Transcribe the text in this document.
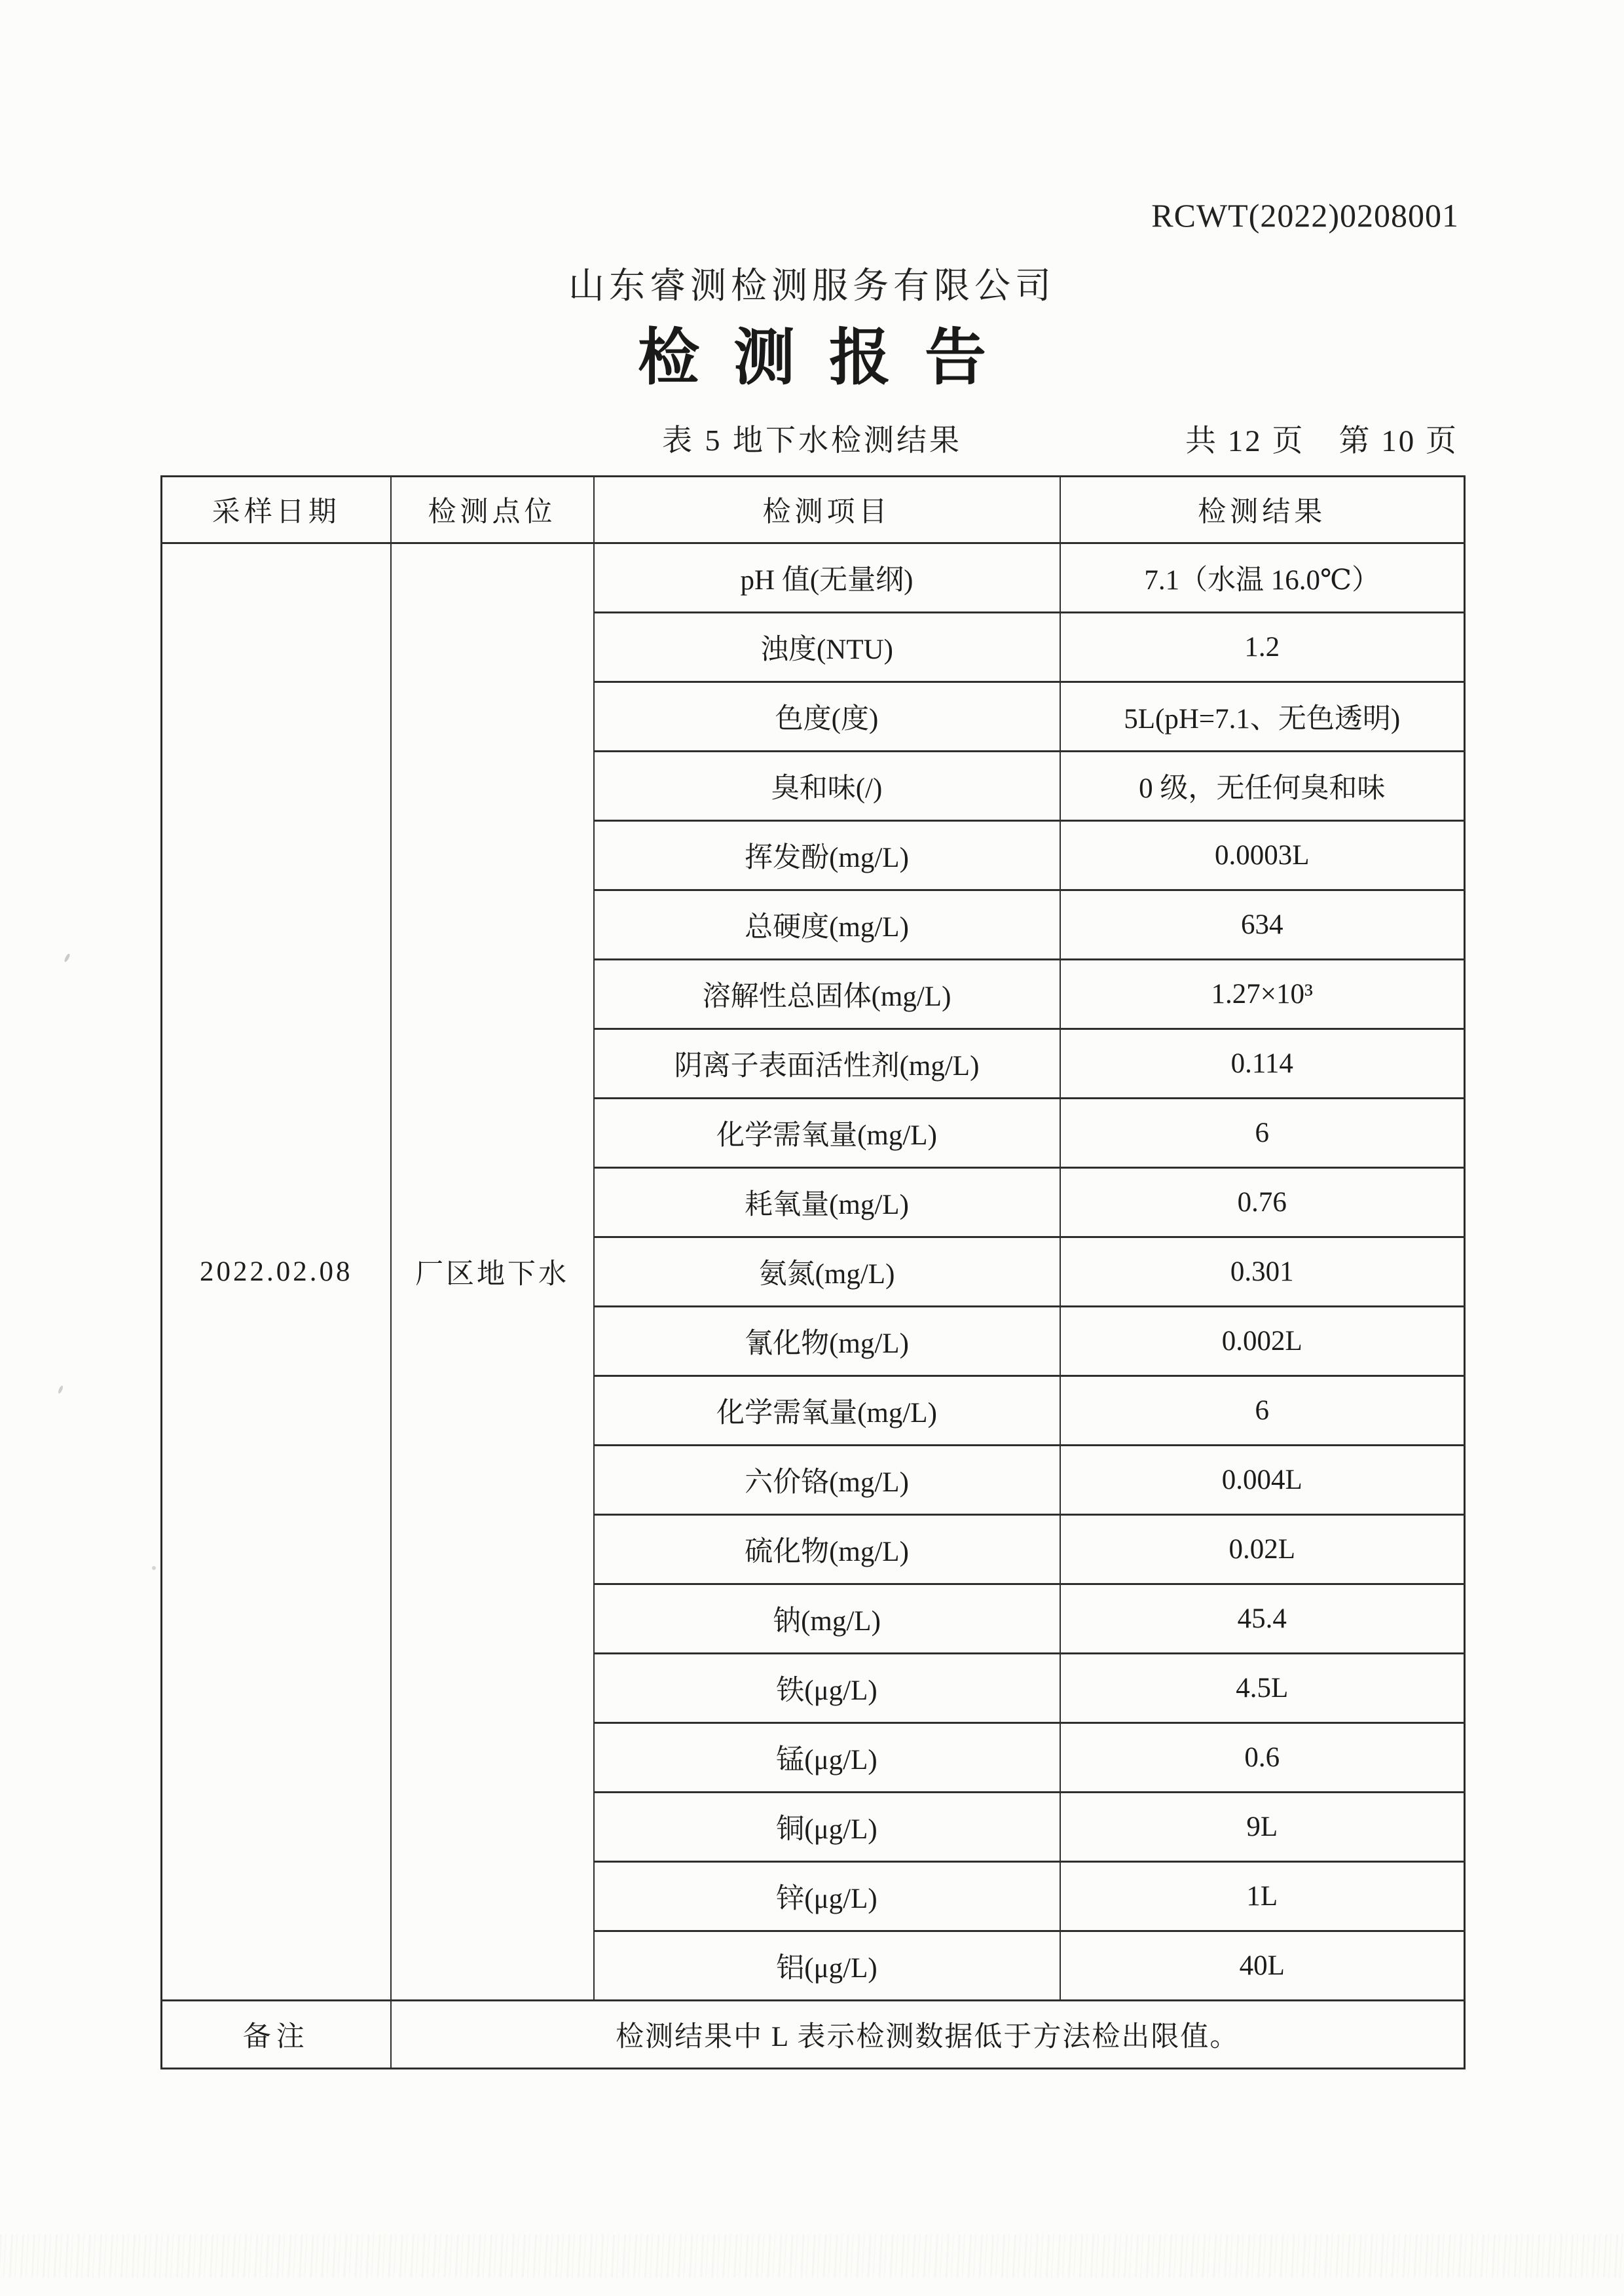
RCWT(2022)0208001
山东睿测检测服务有限公司
检测报告
表 5 地下水检测结果	共 12 页 第 10 页
采样日期	检测点位	检测项目	检测结果
2022.02.08	厂区地下水	pH 值(无量纲)	7.1（水温 16.0℃）
		浊度(NTU)	1.2
		色度(度)	5L(pH=7.1、无色透明)
		臭和味(/)	0 级，无任何臭和味
		挥发酚(mg/L)	0.0003L
		总硬度(mg/L)	634
		溶解性总固体(mg/L)	1.27×10³
		阴离子表面活性剂(mg/L)	0.114
		化学需氧量(mg/L)	6
		耗氧量(mg/L)	0.76
		氨氮(mg/L)	0.301
		氰化物(mg/L)	0.002L
		化学需氧量(mg/L)	6
		六价铬(mg/L)	0.004L
		硫化物(mg/L)	0.02L
		钠(mg/L)	45.4
		铁(μg/L)	4.5L
		锰(μg/L)	0.6
		铜(μg/L)	9L
		锌(μg/L)	1L
		铝(μg/L)	40L
备注	检测结果中 L 表示检测数据低于方法检出限值。		
